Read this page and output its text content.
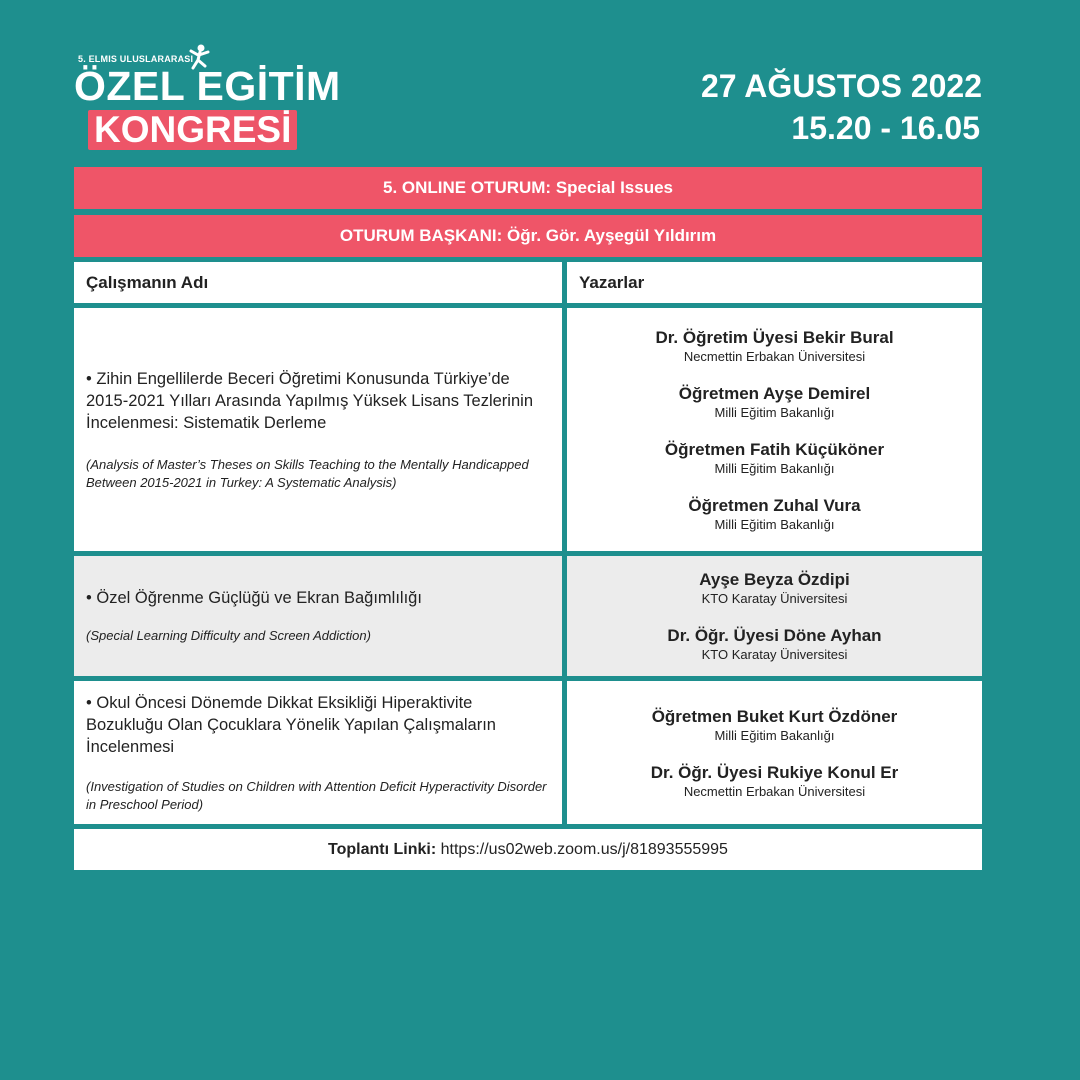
5. ELMIS ULUSLARARASI
ÖZEL EGİTİM
KONGRESİ
27 AĞUSTOS 2022
15.20 - 16.05
5. ONLINE OTURUM: Special Issues
OTURUM BAŞKANI: Öğr. Gör. Ayşegül Yıldırım
Çalışmanın Adı	Yazarlar
• Zihin Engellilerde Beceri Öğretimi Konusunda Türkiye’de 2015-2021 Yılları Arasında Yapılmış Yüksek Lisans Tezlerinin İncelenmesi: Sistematik Derleme
(Analysis of Master’s Theses on Skills Teaching to the Mentally Handicapped Between 2015-2021 in Turkey: A Systematic Analysis)
Dr. Öğretim Üyesi Bekir Bural
Necmettin Erbakan Üniversitesi
Öğretmen Ayşe Demirel
Milli Eğitim Bakanlığı
Öğretmen Fatih Küçüköner
Milli Eğitim Bakanlığı
Öğretmen Zuhal Vura
Milli Eğitim Bakanlığı
• Özel Öğrenme Güçlüğü ve Ekran Bağımlılığı
(Special Learning Difficulty and Screen Addiction)
Ayşe Beyza Özdipi
KTO Karatay Üniversitesi
Dr. Öğr. Üyesi Döne Ayhan
KTO Karatay Üniversitesi
• Okul Öncesi Dönemde Dikkat Eksikliği Hiperaktivite Bozukluğu Olan Çocuklara Yönelik Yapılan Çalışmaların İncelenmesi
(Investigation of Studies on Children with Attention Deficit Hyperactivity Disorder in Preschool Period)
Öğretmen Buket Kurt Özdöner
Milli Eğitim Bakanlığı
Dr. Öğr. Üyesi Rukiye Konul Er
Necmettin Erbakan Üniversitesi
Toplantı Linki: https://us02web.zoom.us/j/81893555995
